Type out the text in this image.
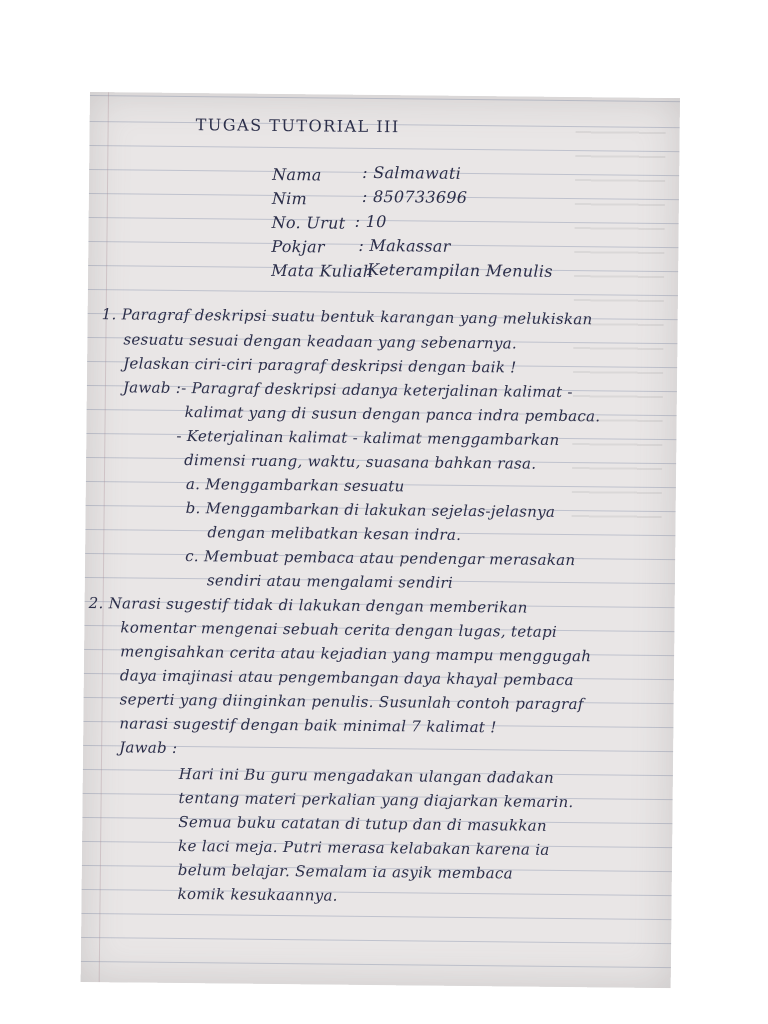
TUGAS TUTORIAL III
Nama	: Salmawati
Nim	: 850733696
No. Urut : 10
Pokjar : Makassar
Mata Kuliah
: Keterampilan Menulis
1. Paragraf deskripsi suatu bentuk karangan yang melukiskan
sesuatu sesuai dengan keadaan yang sebenarnya.
Jelaskan ciri-ciri paragraf deskripsi dengan baik !
Jawab :- Paragraf deskripsi adanya keterjalinan kalimat -
kalimat yang di susun dengan panca indra pembaca.
- Keterjalinan kalimat - kalimat menggambarkan
dimensi ruang, waktu, suasana bahkan rasa.
a. Menggambarkan sesuatu
b. Menggambarkan di lakukan sejelas-jelasnya
dengan melibatkan kesan indra.
c. Membuat pembaca atau pendengar merasakan
sendiri atau mengalami sendiri
2. Narasi sugestif tidak di lakukan dengan memberikan
komentar mengenai sebuah cerita dengan lugas, tetapi
mengisahkan cerita atau kejadian yang mampu menggugah
daya imajinasi atau pengembangan daya khayal pembaca
seperti yang diinginkan penulis. Susunlah contoh paragraf
narasi sugestif dengan baik minimal 7 kalimat !
Jawab :
Hari ini Bu guru mengadakan ulangan dadakan
tentang materi perkalian yang diajarkan kemarin.
Semua buku catatan di tutup dan di masukkan
ke laci meja. Putri merasa kelabakan karena ia
belum belajar. Semalam ia asyik membaca
komik kesukaannya.
